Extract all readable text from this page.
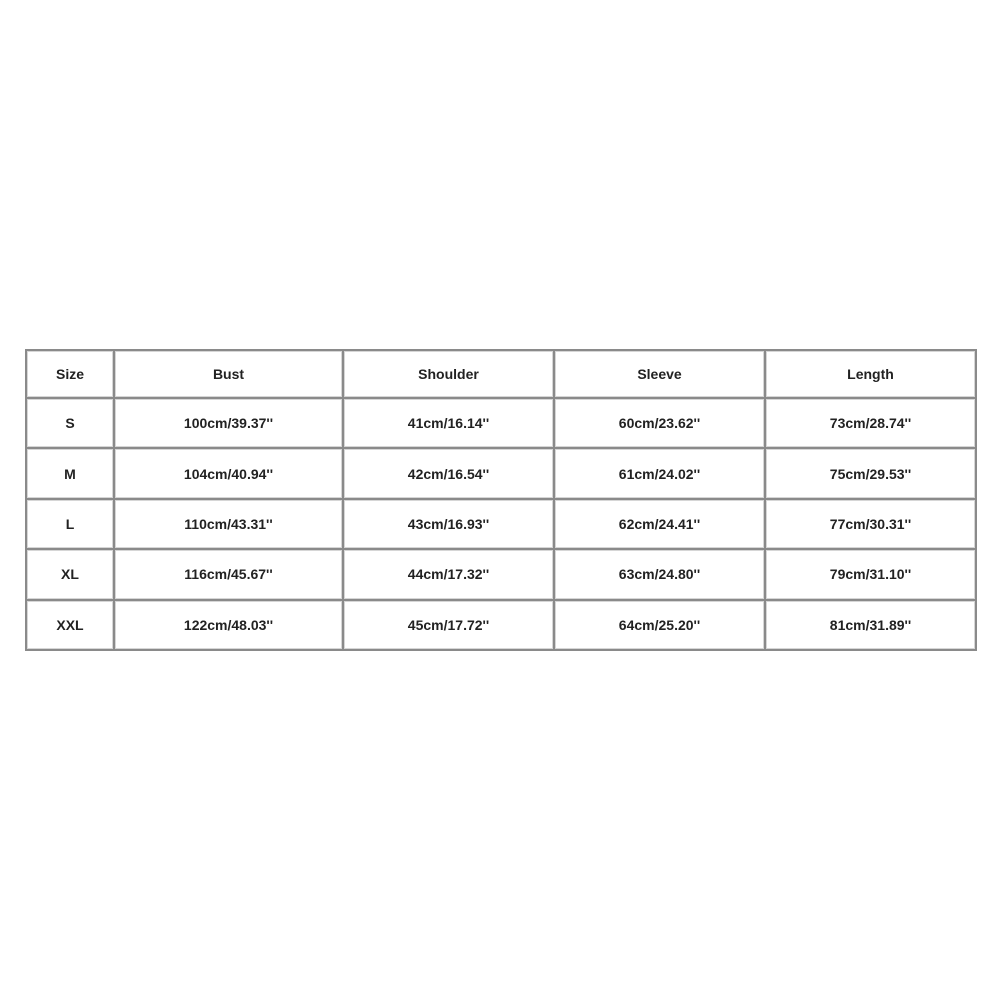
Size	Bust	Shoulder	Sleeve	Length
S	100cm/39.37''	41cm/16.14''	60cm/23.62''	73cm/28.74''
M	104cm/40.94''	42cm/16.54''	61cm/24.02''	75cm/29.53''
L	110cm/43.31''	43cm/16.93''	62cm/24.41''	77cm/30.31''
XL	116cm/45.67''	44cm/17.32''	63cm/24.80''	79cm/31.10''
XXL	122cm/48.03''	45cm/17.72''	64cm/25.20''	81cm/31.89''
